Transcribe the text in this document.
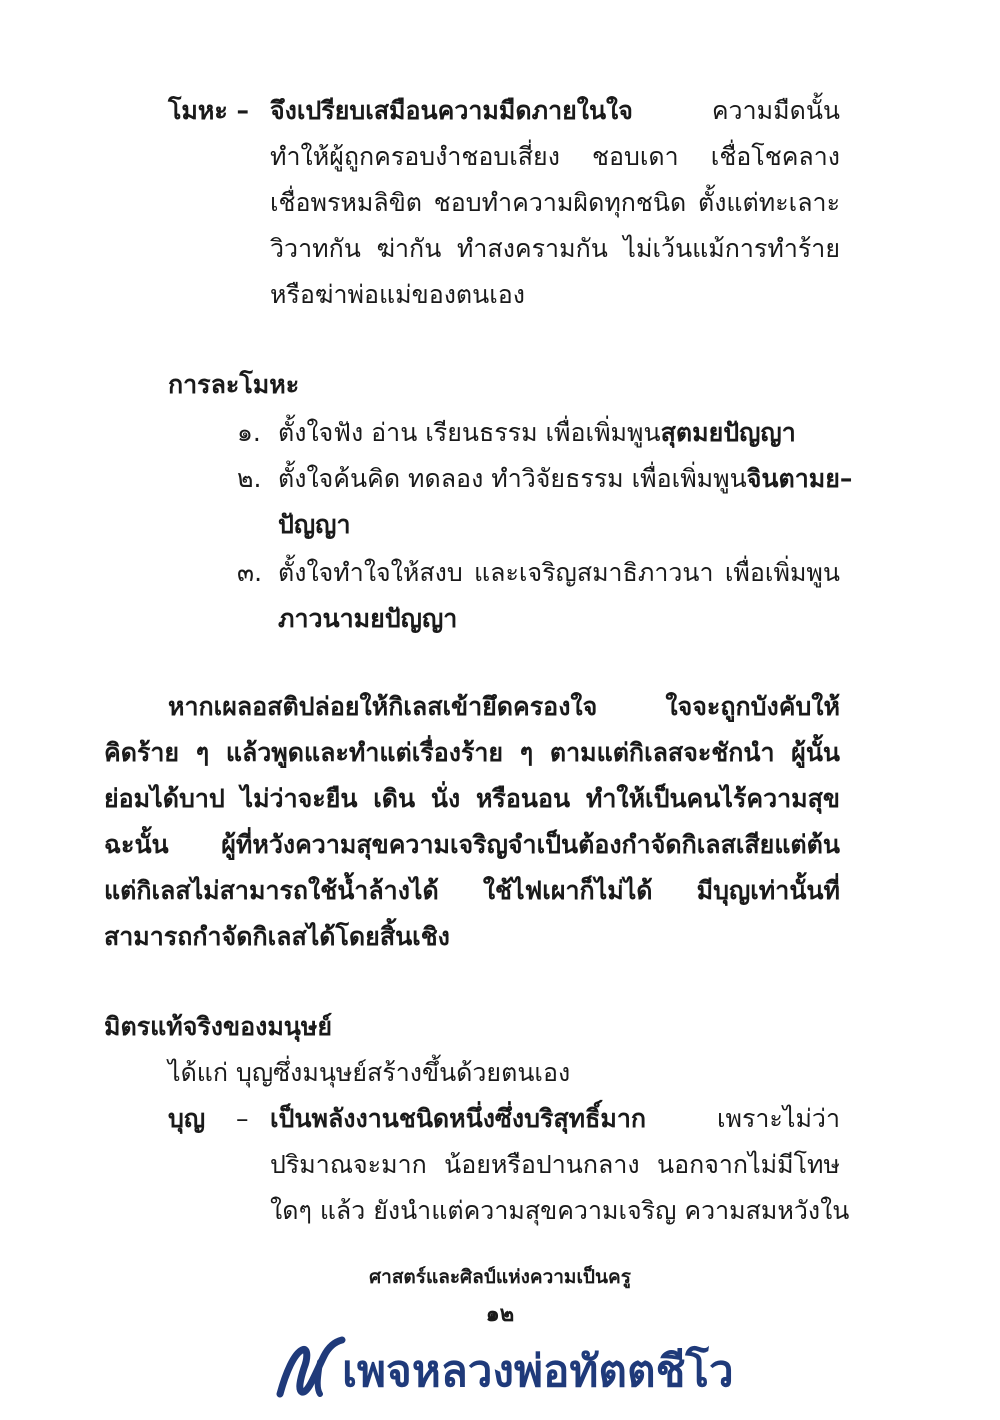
โมหะ – จึงเปรียบเสมือนความมืดภายในใจ ความมืดนั้น
ทำให้ผู้ถูกครอบงำชอบเสี่ยง ชอบเดา เชื่อโชคลาง
เชื่อพรหมลิขิต ชอบทำความผิดทุกชนิด ตั้งแต่ทะเลาะ
วิวาทกัน ฆ่ากัน ทำสงครามกัน ไม่เว้นแม้การทำร้าย
หรือฆ่าพ่อแม่ของตนเอง
การละโมหะ
๑. ตั้งใจฟัง อ่าน เรียนธรรม เพื่อเพิ่มพูนสุตมยปัญญา
๒. ตั้งใจค้นคิด ทดลอง ทำวิจัยธรรม เพื่อเพิ่มพูนจินตามย–
ปัญญา
๓. ตั้งใจทำใจให้สงบ และเจริญสมาธิภาวนา เพื่อเพิ่มพูน
ภาวนามยปัญญา
หากเผลอสติปล่อยให้กิเลสเข้ายึดครองใจ ใจจะถูกบังคับให้
คิดร้าย ๆ แล้วพูดและทำแต่เรื่องร้าย ๆ ตามแต่กิเลสจะชักนำ ผู้นั้น
ย่อมได้บาป ไม่ว่าจะยืน เดิน นั่ง หรือนอน ทำให้เป็นคนไร้ความสุข
ฉะนั้น ผู้ที่หวังความสุขความเจริญจำเป็นต้องกำจัดกิเลสเสียแต่ต้น
แต่กิเลสไม่สามารถใช้น้ำล้างได้ ใช้ไฟเผาก็ไม่ได้ มีบุญเท่านั้นที่
สามารถกำจัดกิเลสได้โดยสิ้นเชิง
มิตรแท้จริงของมนุษย์
ได้แก่ บุญซึ่งมนุษย์สร้างขึ้นด้วยตนเอง
บุญ – เป็นพลังงานชนิดหนึ่งซึ่งบริสุทธิ์มาก เพราะไม่ว่า
ปริมาณจะมาก น้อยหรือปานกลาง นอกจากไม่มีโทษ
ใดๆ แล้ว ยังนำแต่ความสุขความเจริญ ความสมหวังใน
ศาสตร์และศิลป์แห่งความเป็นครู
๑๒
เพจหลวงพ่อทัตตชีโว
